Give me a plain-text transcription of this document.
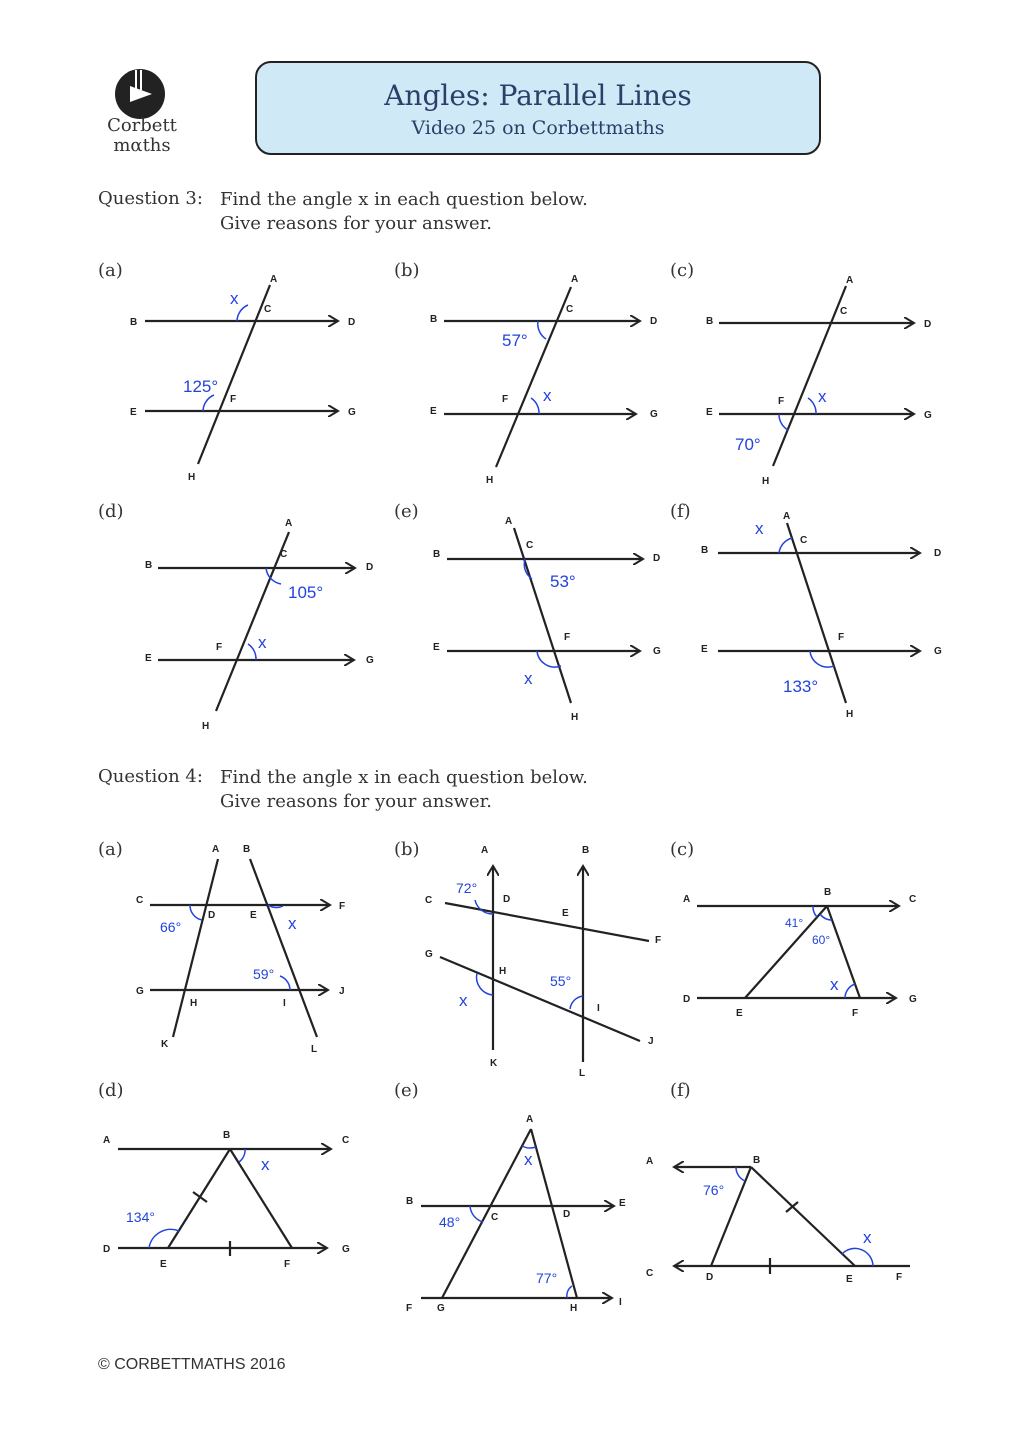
Corbett
mαths
Angles: Parallel Lines
Video 25 on Corbettmaths
Question 3: Find the angle x in each question below.
Give reasons for your answer.
(a)	(b)	(c)
(d)	(e)	(f)
Question 4: Find the angle x in each question below.
Give reasons for your answer.
(a)	(b)	(c)
(d)	(e)	(f)
A
B
C
D
E
F
G
H
x
125°
A
B
C
D
E
F
G
H
57°
x
A
B
C
D
E
F
G
H
x
70°
A
B
C
D
E
F
G
H
105°
x
A
B
C
D
E
F
G
H
53°
x
A
B
C
D
E
F
G
H
x
133°
A B
C
D	E
F
G
H	I
J
K	L
66°	x
59°
A	B
C	D
E
F
G
H
I
J
K
L
72°
x
55°
A
B
C
D
E	F
G
41°
60°
x
A	B	C
D
E	F
G
134°
x
A
B
C	D
E
F G	H
I
x
48°
77°
A	B
C	D	E	F
76°
x
© CORBETTMATHS 2016
